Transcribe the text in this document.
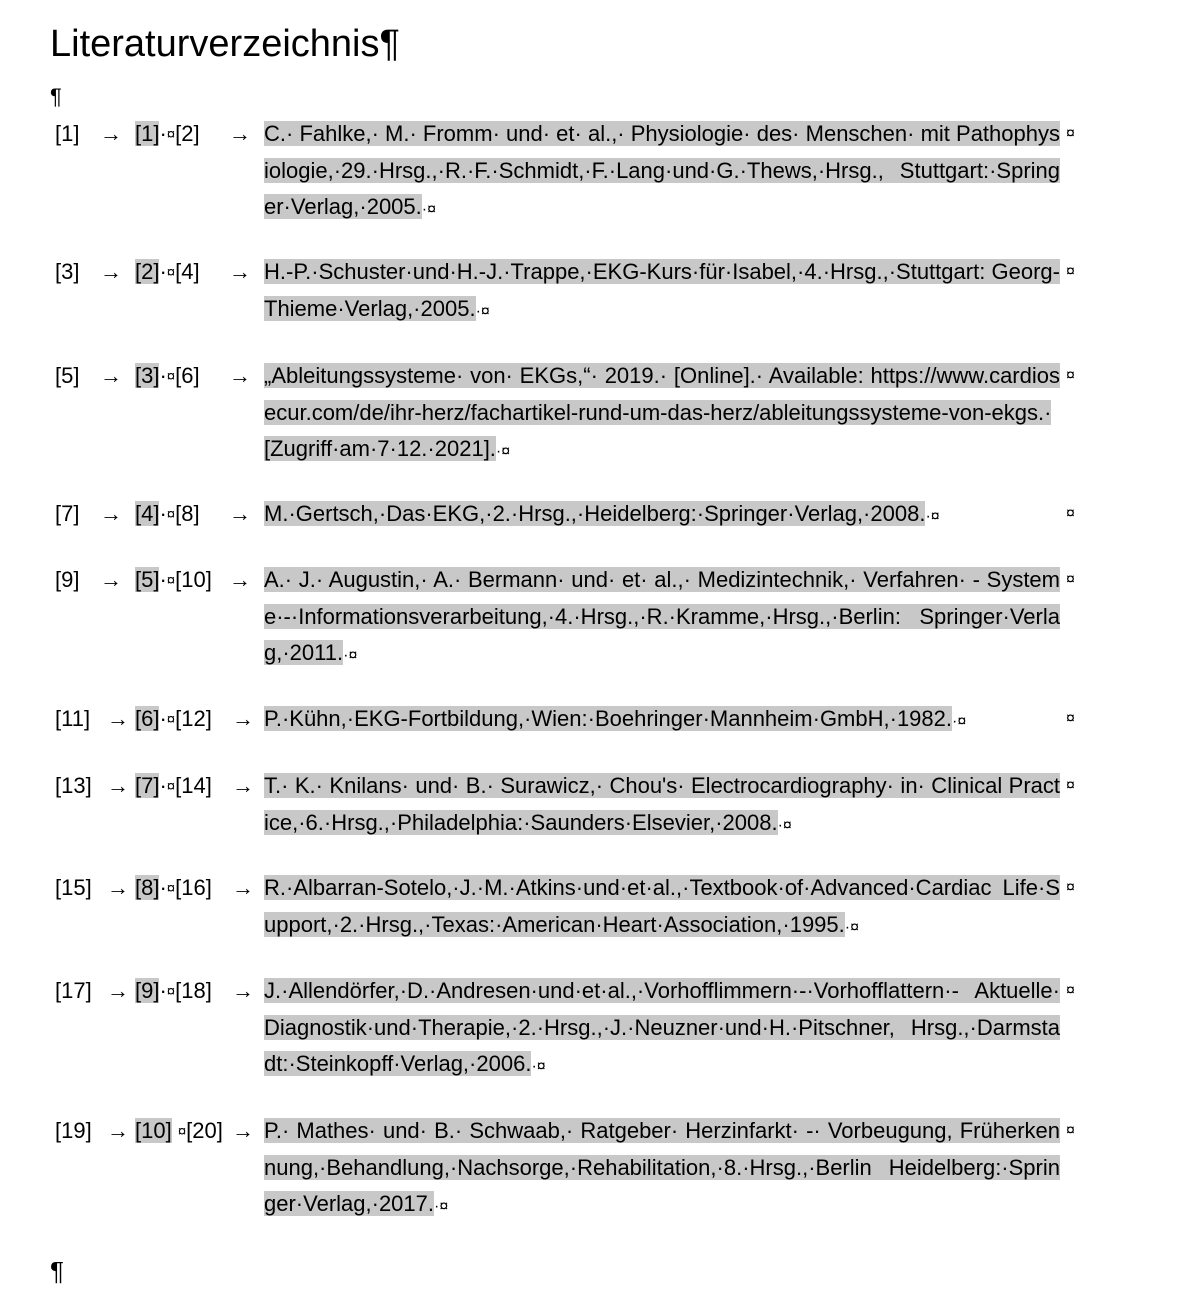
Literaturverzeichnis¶
¶
[1] → [1]·¤[2] → C.· Fahlke,· M.· Fromm· und· et· al.,· Physiologie· des· Menschen· mit Pathophysiologie,·29.·Hrsg.,·R.·F.·Schmidt,·F.·Lang·und·G.·Thews,·Hrsg., Stuttgart:·Springer·Verlag,·2005.·¤
¤
[3] → [2]·¤[4] → H.-P.·Schuster·und·H.-J.·Trappe,·EKG-Kurs·für·Isabel,·4.·Hrsg.,·Stuttgart: Georg-Thieme·Verlag,·2005.·¤
¤
[5] → [3]·¤[6] → „Ableitungssysteme· von· EKGs,“· 2019.· [Online].· Available: https://www.cardiosecur.com/de/ihr-herz/fachartikel-rund-um-das-herz/ableitungssysteme-von-ekgs.·[Zugriff·am·7·12.·2021].·¤
¤
[7] → [4]·¤[8] → M.·Gertsch,·Das·EKG,·2.·Hrsg.,·Heidelberg:·Springer·Verlag,·2008.·¤	¤
[9] → [5]·¤[10] → A.· J.· Augustin,· A.· Bermann· und· et· al.,· Medizintechnik,· Verfahren· - Systeme·-·Informationsverarbeitung,·4.·Hrsg.,·R.·Kramme,·Hrsg.,·Berlin: Springer·Verlag,·2011.·¤
¤
[11] → [6]·¤[12] → P.·Kühn,·EKG-Fortbildung,·Wien:·Boehringer·Mannheim·GmbH,·1982.·¤	¤
[13] → [7]·¤[14] → T.· K.· Knilans· und· B.· Surawicz,· Chou's· Electrocardiography· in· Clinical Practice,·6.·Hrsg.,·Philadelphia:·Saunders·Elsevier,·2008.·¤
¤
[15] → [8]·¤[16] → R.·Albarran-Sotelo,·J.·M.·Atkins·und·et·al.,·Textbook·of·Advanced·Cardiac Life·Support,·2.·Hrsg.,·Texas:·American·Heart·Association,·1995.·¤
¤
[17] → [9]·¤[18] → J.·Allendörfer,·D.·Andresen·und·et·al.,·Vorhofflimmern·-·Vorhofflattern·- Aktuelle·Diagnostik·und·Therapie,·2.·Hrsg.,·J.·Neuzner·und·H.·Pitschner, Hrsg.,·Darmstadt:·Steinkopff·Verlag,·2006.·¤
¤
[19] → [10] ¤[20] → P.· Mathes· und· B.· Schwaab,· Ratgeber· Herzinfarkt· -· Vorbeugung, Früherkennung,·Behandlung,·Nachsorge,·Rehabilitation,·8.·Hrsg.,·Berlin Heidelberg:·Springer·Verlag,·2017.·¤
¤
¶
